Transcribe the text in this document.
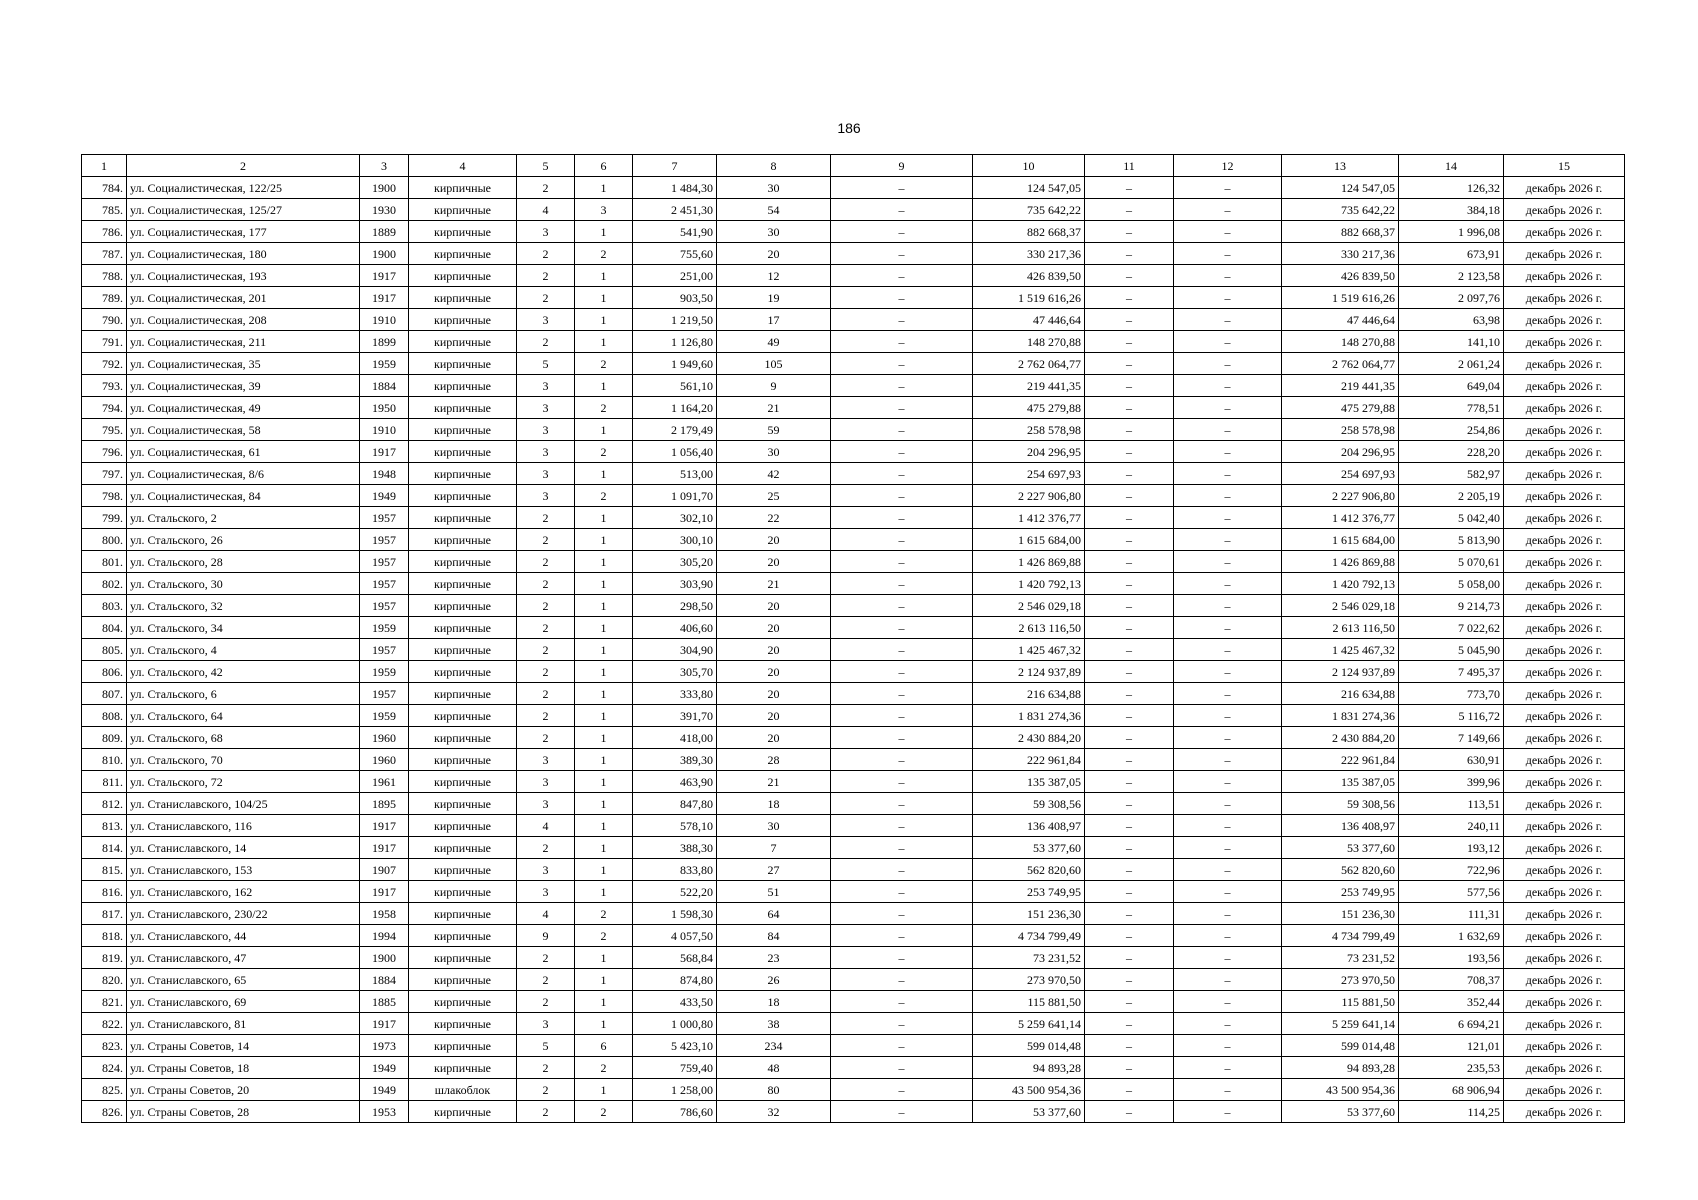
186
1	2	3	4	5	6	7	8	9	10	11	12	13	14	15
784.	ул. Социалистическая, 122/25	1900	кирпичные	2	1	1 484,30	30	–	124 547,05	–	–	124 547,05	126,32	декабрь 2026 г.
785.	ул. Социалистическая, 125/27	1930	кирпичные	4	3	2 451,30	54	–	735 642,22	–	–	735 642,22	384,18	декабрь 2026 г.
786.	ул. Социалистическая, 177	1889	кирпичные	3	1	541,90	30	–	882 668,37	–	–	882 668,37	1 996,08	декабрь 2026 г.
787.	ул. Социалистическая, 180	1900	кирпичные	2	2	755,60	20	–	330 217,36	–	–	330 217,36	673,91	декабрь 2026 г.
788.	ул. Социалистическая, 193	1917	кирпичные	2	1	251,00	12	–	426 839,50	–	–	426 839,50	2 123,58	декабрь 2026 г.
789.	ул. Социалистическая, 201	1917	кирпичные	2	1	903,50	19	–	1 519 616,26	–	–	1 519 616,26	2 097,76	декабрь 2026 г.
790.	ул. Социалистическая, 208	1910	кирпичные	3	1	1 219,50	17	–	47 446,64	–	–	47 446,64	63,98	декабрь 2026 г.
791.	ул. Социалистическая, 211	1899	кирпичные	2	1	1 126,80	49	–	148 270,88	–	–	148 270,88	141,10	декабрь 2026 г.
792.	ул. Социалистическая, 35	1959	кирпичные	5	2	1 949,60	105	–	2 762 064,77	–	–	2 762 064,77	2 061,24	декабрь 2026 г.
793.	ул. Социалистическая, 39	1884	кирпичные	3	1	561,10	9	–	219 441,35	–	–	219 441,35	649,04	декабрь 2026 г.
794.	ул. Социалистическая, 49	1950	кирпичные	3	2	1 164,20	21	–	475 279,88	–	–	475 279,88	778,51	декабрь 2026 г.
795.	ул. Социалистическая, 58	1910	кирпичные	3	1	2 179,49	59	–	258 578,98	–	–	258 578,98	254,86	декабрь 2026 г.
796.	ул. Социалистическая, 61	1917	кирпичные	3	2	1 056,40	30	–	204 296,95	–	–	204 296,95	228,20	декабрь 2026 г.
797.	ул. Социалистическая, 8/6	1948	кирпичные	3	1	513,00	42	–	254 697,93	–	–	254 697,93	582,97	декабрь 2026 г.
798.	ул. Социалистическая, 84	1949	кирпичные	3	2	1 091,70	25	–	2 227 906,80	–	–	2 227 906,80	2 205,19	декабрь 2026 г.
799.	ул. Стальского, 2	1957	кирпичные	2	1	302,10	22	–	1 412 376,77	–	–	1 412 376,77	5 042,40	декабрь 2026 г.
800.	ул. Стальского, 26	1957	кирпичные	2	1	300,10	20	–	1 615 684,00	–	–	1 615 684,00	5 813,90	декабрь 2026 г.
801.	ул. Стальского, 28	1957	кирпичные	2	1	305,20	20	–	1 426 869,88	–	–	1 426 869,88	5 070,61	декабрь 2026 г.
802.	ул. Стальского, 30	1957	кирпичные	2	1	303,90	21	–	1 420 792,13	–	–	1 420 792,13	5 058,00	декабрь 2026 г.
803.	ул. Стальского, 32	1957	кирпичные	2	1	298,50	20	–	2 546 029,18	–	–	2 546 029,18	9 214,73	декабрь 2026 г.
804.	ул. Стальского, 34	1959	кирпичные	2	1	406,60	20	–	2 613 116,50	–	–	2 613 116,50	7 022,62	декабрь 2026 г.
805.	ул. Стальского, 4	1957	кирпичные	2	1	304,90	20	–	1 425 467,32	–	–	1 425 467,32	5 045,90	декабрь 2026 г.
806.	ул. Стальского, 42	1959	кирпичные	2	1	305,70	20	–	2 124 937,89	–	–	2 124 937,89	7 495,37	декабрь 2026 г.
807.	ул. Стальского, 6	1957	кирпичные	2	1	333,80	20	–	216 634,88	–	–	216 634,88	773,70	декабрь 2026 г.
808.	ул. Стальского, 64	1959	кирпичные	2	1	391,70	20	–	1 831 274,36	–	–	1 831 274,36	5 116,72	декабрь 2026 г.
809.	ул. Стальского, 68	1960	кирпичные	2	1	418,00	20	–	2 430 884,20	–	–	2 430 884,20	7 149,66	декабрь 2026 г.
810.	ул. Стальского, 70	1960	кирпичные	3	1	389,30	28	–	222 961,84	–	–	222 961,84	630,91	декабрь 2026 г.
811.	ул. Стальского, 72	1961	кирпичные	3	1	463,90	21	–	135 387,05	–	–	135 387,05	399,96	декабрь 2026 г.
812.	ул. Станиславского, 104/25	1895	кирпичные	3	1	847,80	18	–	59 308,56	–	–	59 308,56	113,51	декабрь 2026 г.
813.	ул. Станиславского, 116	1917	кирпичные	4	1	578,10	30	–	136 408,97	–	–	136 408,97	240,11	декабрь 2026 г.
814.	ул. Станиславского, 14	1917	кирпичные	2	1	388,30	7	–	53 377,60	–	–	53 377,60	193,12	декабрь 2026 г.
815.	ул. Станиславского, 153	1907	кирпичные	3	1	833,80	27	–	562 820,60	–	–	562 820,60	722,96	декабрь 2026 г.
816.	ул. Станиславского, 162	1917	кирпичные	3	1	522,20	51	–	253 749,95	–	–	253 749,95	577,56	декабрь 2026 г.
817.	ул. Станиславского, 230/22	1958	кирпичные	4	2	1 598,30	64	–	151 236,30	–	–	151 236,30	111,31	декабрь 2026 г.
818.	ул. Станиславского, 44	1994	кирпичные	9	2	4 057,50	84	–	4 734 799,49	–	–	4 734 799,49	1 632,69	декабрь 2026 г.
819.	ул. Станиславского, 47	1900	кирпичные	2	1	568,84	23	–	73 231,52	–	–	73 231,52	193,56	декабрь 2026 г.
820.	ул. Станиславского, 65	1884	кирпичные	2	1	874,80	26	–	273 970,50	–	–	273 970,50	708,37	декабрь 2026 г.
821.	ул. Станиславского, 69	1885	кирпичные	2	1	433,50	18	–	115 881,50	–	–	115 881,50	352,44	декабрь 2026 г.
822.	ул. Станиславского, 81	1917	кирпичные	3	1	1 000,80	38	–	5 259 641,14	–	–	5 259 641,14	6 694,21	декабрь 2026 г.
823.	ул. Страны Советов, 14	1973	кирпичные	5	6	5 423,10	234	–	599 014,48	–	–	599 014,48	121,01	декабрь 2026 г.
824.	ул. Страны Советов, 18	1949	кирпичные	2	2	759,40	48	–	94 893,28	–	–	94 893,28	235,53	декабрь 2026 г.
825.	ул. Страны Советов, 20	1949	шлакоблок	2	1	1 258,00	80	–	43 500 954,36	–	–	43 500 954,36	68 906,94	декабрь 2026 г.
826.	ул. Страны Советов, 28	1953	кирпичные	2	2	786,60	32	–	53 377,60	–	–	53 377,60	114,25	декабрь 2026 г.
